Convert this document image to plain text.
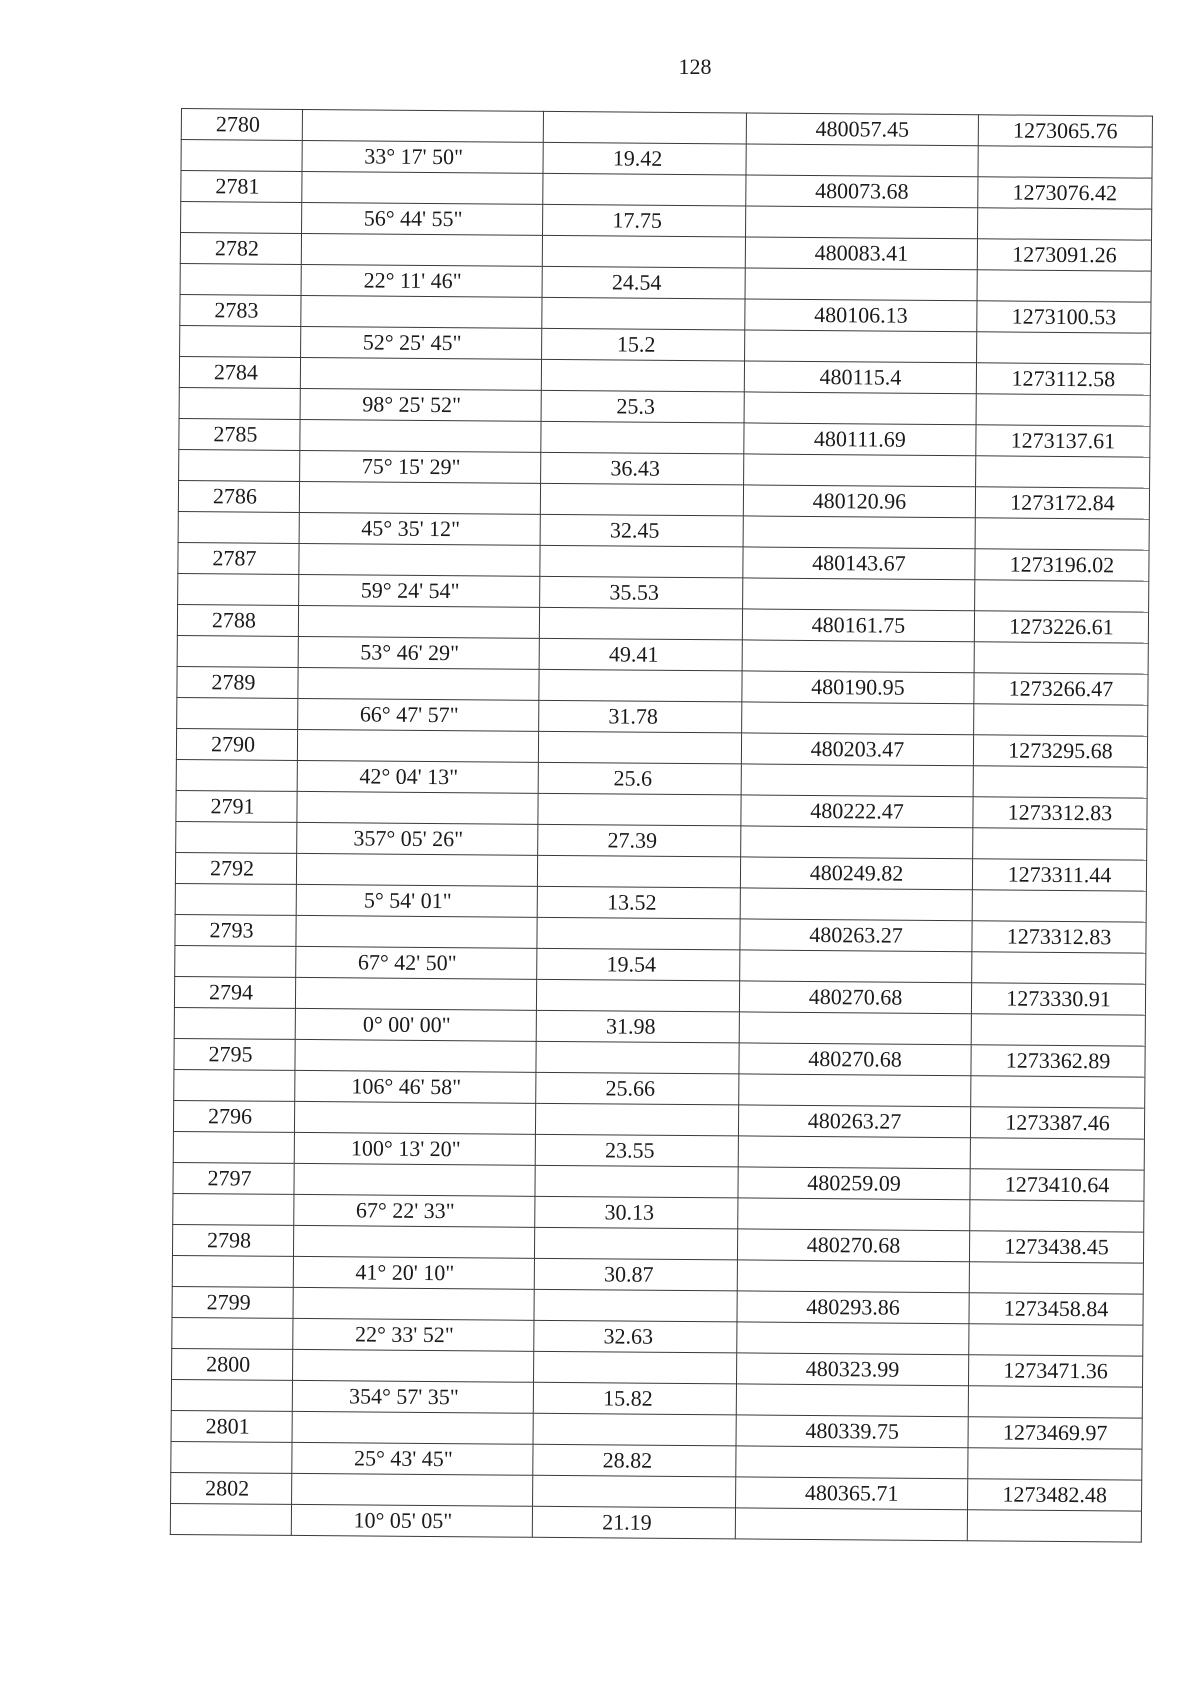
128
2780			480057.45	1273065.76
	33° 17' 50"	19.42		
2781			480073.68	1273076.42
	56° 44' 55"	17.75		
2782			480083.41	1273091.26
	22° 11' 46"	24.54		
2783			480106.13	1273100.53
	52° 25' 45"	15.2		
2784			480115.4	1273112.58
	98° 25' 52"	25.3		
2785			480111.69	1273137.61
	75° 15' 29"	36.43		
2786			480120.96	1273172.84
	45° 35' 12"	32.45		
2787			480143.67	1273196.02
	59° 24' 54"	35.53		
2788			480161.75	1273226.61
	53° 46' 29"	49.41		
2789			480190.95	1273266.47
	66° 47' 57"	31.78		
2790			480203.47	1273295.68
	42° 04' 13"	25.6		
2791			480222.47	1273312.83
	357° 05' 26"	27.39		
2792			480249.82	1273311.44
	5° 54' 01"	13.52		
2793			480263.27	1273312.83
	67° 42' 50"	19.54		
2794			480270.68	1273330.91
	0° 00' 00"	31.98		
2795			480270.68	1273362.89
	106° 46' 58"	25.66		
2796			480263.27	1273387.46
	100° 13' 20"	23.55		
2797			480259.09	1273410.64
	67° 22' 33"	30.13		
2798			480270.68	1273438.45
	41° 20' 10"	30.87		
2799			480293.86	1273458.84
	22° 33' 52"	32.63		
2800			480323.99	1273471.36
	354° 57' 35"	15.82		
2801			480339.75	1273469.97
	25° 43' 45"	28.82		
2802			480365.71	1273482.48
	10° 05' 05"	21.19		
